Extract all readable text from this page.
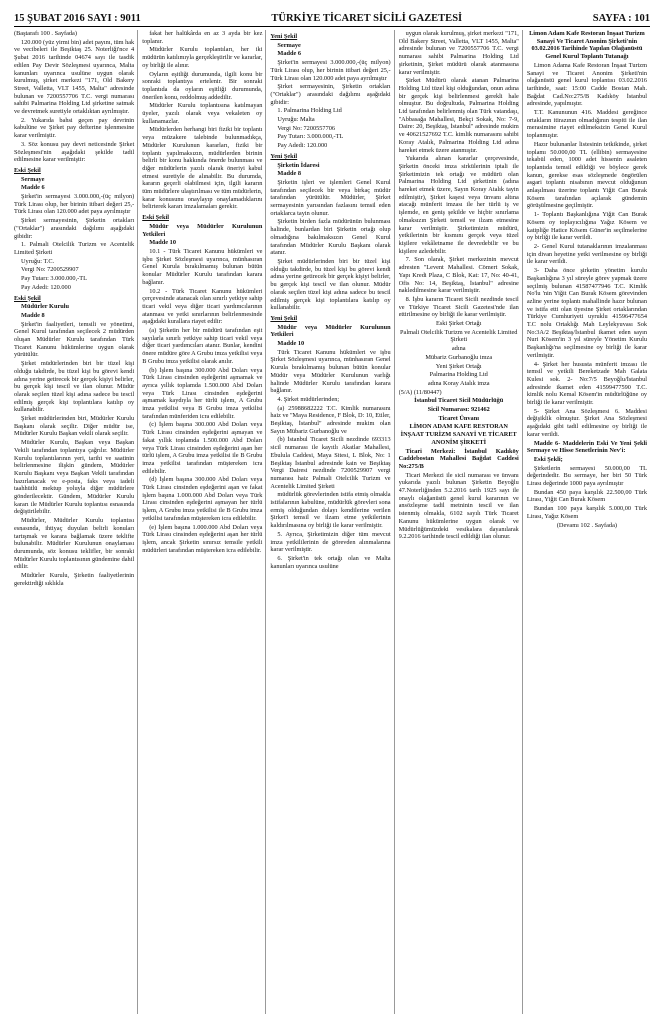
15 ŞUBAT 2016 SAYI : 9011	TÜRKİYE TİCARET SİCİLİ GAZETESİ	SAYFA : 101

(Baştarafı 100 . Sayfada)

120.000 (yüz yirmi bin) adet payını, tüm hak ve vecibeleri ile Beşiktaş 25. Noterliği'nce 4 Şubat 2016 tarihinde 04674 sayı ile tasdik edilen Pay Devir Sözleşmesi uyarınca, Malta kanunları uyarınca usulüne uygun olarak kurulmuş, şirket merkezi "171, Old Bakery Street, Valletta, VLT 1455, Malta" adresinde bulunan ve 7200557706 T.C. vergi numarası sahibi Palmarina Holding Ltd şirketine satmak ve devretmek suretiyle ortaklıktan ayrılmıştır.

2. Yukarıda bahsi geçen pay devrinin kabulüne ve Şirket pay defterine işlenmesine karar verilmiştir.

3. Söz konusu pay devri neticesinde Şirket Sözleşmesi'nin aşağıdaki şekilde tadil edilmesine karar verilmiştir:

Eski Şekil

Sermaye

Madde 6

Şirket'in sermayesi 3.000.000,-(üç milyon) Türk Lirası olup, her birinin itibari değeri 25,- Türk Lirası olan 120.000 adet paya ayrılmıştır

Şirket sermayesinin, Şirketin ortakları ("Ortaklar") arasındaki dağılımı aşağıdaki gibidir:

1. Palmali Otelcilik Turizm ve Acentelik Limited Şirketi

Uyruğu: T.C.

Vergi No: 7200529907

Pay Tutarı: 3.000.000,-TL

Pay Adedi: 120.000

Eski Şekil

Müdürler Kurulu

Madde 8

Şirket'in faaliyetleri, temsili ve yönetimi, Genel Kurul tarafından seçilecek 2 müdürden oluşan Müdürler Kurulu tarafından Türk Ticaret Kanunu hükümlerine uygun olarak yürütülür.

Şirket müdürlerinden biri bir tüzel kişi olduğu takdirde, bu tüzel kişi bu görevi kendi adına yerine getirecek bir gerçek kişiyi belirler, bu gerçek kişi tescil ve ilan olunur. Müdür olarak seçilen tüzel kişi adına sadece bu tescil edilmiş gerçek kişi toplantılara katılıp oy kullanabilir.

Şirket müdürlerinden biri, Müdürler Kurulu Başkanı olarak seçilir. Diğer müdür ise, Müdürler Kurulu Başkan vekili olarak seçilir.

Müdürler Kurulu, Başkan veya Başkan Vekili tarafından toplantıya çağrılır. Müdürler Kurulu toplantılarının yeri, tarihi ve saatinin belirlenmesine ilişkin gündem, Müdürler Kurulu Başkanı veya Başkan Vekili tarafından hazırlanacak ve e-posta, faks veya iadeli taahhütlü mektup yoluyla diğer müdürlere gönderilecektir. Gündem, Müdürler Kurulu kararı ile Müdürler Kurulu toplantısı esnasında değiştirilebilir.

Müdürler, Müdürler Kurulu toplantısı esnasında, ihtiyaç duyulan belirli konuları tartışmak ve karara bağlamak üzere teklifte bulunabilir. Müdürler Kurulunun onaylaması durumunda, söz konusu teklifler, bir sonraki Müdürler Kurulu toplantısının gündemine dahil edilir.

Müdürler Kurulu, Şirketin faaliyetlerinin gerektirdiği sıklıkla

fakat her halükârda en az 3 ayda bir kez toplanır.

Müdürler Kurulu toplantıları, her iki müdürün katılımıyla gerçekleştirilir ve kararlar, oy birliği ile alınır.

Oyların eşitliği durumunda, ilgili konu bir sonraki toplantıya ertelenir. Bir sonraki toplantıda da oyların eşitliği durumunda, önerilen konu, reddolmuş addedilir.

Müdürler Kurulu toplantısına katılmayan üyeler, yazılı olarak veya vekaleten oy kullanamazlar.

Müdürlerden herhangi biri fiziki bir toplantı veya müzakere talebinde bulunmadıkça, Müdürler Kurulunun kararları, fiziki bir toplantı yapılmaksızın, müdürlerden birinin belirli bir konu hakkında önerde bulunması ve diğer müdürlerin yazılı olarak öneriyi kabul etmesi suretiyle de alınabilir. Bu durumda, kararın geçerli olabilmesi için, ilgili kararın tüm müdürlere ulaştırılması ve tüm müdürlerin, karar konusunu onaylayıp onaylamadıklarını belirterek kararı imzalamaları gerekir.

Eski Şekil

Müdür veya Müdürler Kurulunun Yetkileri

Madde 10

10.1 - Türk Ticaret Kanunu hükümleri ve işbu Şirket Sözleşmesi uyarınca, münhasıran Genel Kurula bırakılmamış bulunan bütün konular Müdürler Kurulu tarafından karara bağlanır.

10.2 - Türk Ticaret Kanunu hükümleri çerçevesinde atanacak olan sınırlı yetkiye sahip ticari vekil veya diğer ticari yardımcılarının atanması ve yetki sınırlarının belirlenmesinde aşağıdaki kurallara riayet edilir:

(a) Şirketin her bir müdürü tarafından eşit sayılarla sınırlı yetkiye sahip ticari vekil veya diğer ticari yardımcıları atanır. Bunlar, kendini önere müdüre göre A Grubu imza yetkilisi veya B Grubu imza yetkilisi olarak anılır.

(b) İşlem başına 300.000 Abd Doları veya Türk Lirası cinsinden eşdeğerini aşmamak ve ayrıca yıllık toplamda 1.500.000 Abd Doları veya Türk Lirası cinsinden eşdeğerini aşmamak kaydıyla her türlü işlem, A Grubu imza yetkilisi veya B Grubu imza yetkilisi tarafından münferiden icra edilebilir.

(c) İşlem başına 300.000 Abd Doları veya Türk Lirası cinsinden eşdeğerini aşmayan ve fakat yıllık toplamda 1.500.000 Abd Doları veya Türk Lirası cinsinden eşdeğerini aşan her türlü işlem, A Grubu imza yetkilisi ile B Grubu imza yetkilisi tarafından müştereken icra edilebilir.

(d) İşlem başına 300.000 Abd Doları veya Türk Lirası cinsinden eşdeğerini aşan ve fakat işlem başına 1.000.000 Abd Doları veya Türk Lirası cinsinden eşdeğerini aşmayan her türlü işlem, A Grubu imza yetkilisi ile B Grubu imza yetkilisi tarafından müştereken icra edilebilir.

(e) İşlem başına 1.000.000 Abd Doları veya Türk Lirası cinsinden eşdeğerini aşan her türlü işlem, ancak Şirketin sınırsız temsile yetkili müdürleri tarafından müştereken icra edilebilir.

Yeni Şekil

Sermaye

Madde 6

Şirket'in sermayesi 3.000.000,-(üç milyon) Türk Lirası olup, her birinin itibari değeri 25,- Türk Lirası olan 120.000 adet paya ayrılmıştır

Şirket sermayesinin, Şirketin ortakları ("Ortaklar") arasındaki dağılımı aşağıdaki gibidir:

1. Palmarina Holding Ltd

Uyruğu: Malta

Vergi No: 7200557706

Pay Tutarı: 3.000.000,-TL

Pay Adedi: 120.000

Yeni Şekil

Şirketin İdaresi

Madde 8

Şirketin işleri ve işlemleri Genel Kurul tarafından seçilecek bir veya birkaç müdür tarafından yürütülür. Müdürler, Şirket sermayesinin yarısından fazlasını temsil eden ortaklarca tayin olunur.

Şirketin birden fazla müdürünün bulunması halinde, bunlardan biri Şirketin ortağı olup olmadığına bakılmaksızın Genel Kurul tarafından Müdürler Kurulu Başkanı olarak atanır.

Şirket müdürlerinden biri bir tüzel kişi olduğu takdirde, bu tüzel kişi bu görevi kendi adına yerine getirecek bir gerçek kişiyi belirler, bu gerçek kişi tescil ve ilan olunur. Müdür olarak seçilen tüzel kişi adına sadece bu tescil edilmiş gerçek kişi toplantılara katılıp oy kullanabilir.

Yeni Şekil

Müdür veya Müdürler Kurulunun Yetkileri

Madde 10

Türk Ticaret Kanunu hükümleri ve işbu Şirket Sözleşmesi uyarınca, münhasıran Genel Kurula bırakılmamış bulunan bütün konular Müdür veya Müdürler Kurulunun varlığı halinde Müdürler Kurulu tarafından karara bağlanır.

4. Şirket müdürlerinden;

(a) 25988682222 T.C. Kimlik numarasını haiz ve "Maya Residence, F Blok, D: 10, Etiler, Beşiktaş, İstanbul" adresinde mukim olan Sayın Mübariz Gurbanoğlu ve

(b) İstanbul Ticaret Sicili nezdinde 693313 sicil numarası ile kayıtlı Akatlar Mahallesi, Ebulula Caddesi, Maya Sitesi, L Blok, No: 1 Beşiktaş İstanbul adresinde kain ve Beşiktaş Vergi Dairesi nezdinde 7200529907 vergi numarası haiz Palmali Otelcilik Turizm ve Acentelik Limited Şirketi

müdürlük görevlerinden istifa etmiş olmakla istifalarının kabulüne, müdürlük görevleri sona ermiş olduğundan dolayı kendilerine verilen Şirket'i temsil ve ilzam etme yetkilerinin kaldırılmasına oy birliği ile karar verilmiştir.

5. Ayrıca, Şirketimizin diğer tüm mevcut imza yetkililerinin de görevden alınmalarına karar verilmiştir.

6. Şirket'in tek ortağı olan ve Malta kanunları uyarınca usulüne

uygun olarak kurulmuş, şirket merkezi "171, Old Bakery Street, Valletta, VLT 1455, Malta" adresinde bulunan ve 7200557706 T.C. vergi numarası sahibi Palmarina Holding Ltd şirketinin, Şirket müdürü olarak atanmasına karar verilmiştir.

Şirket Müdürü olarak atanan Palmarina Holding Ltd tüzel kişi olduğundan, onun adına bir gerçek kişi belirlenmesi gerekli hale olmuştur. Bu doğrultuda, Palmarina Holding Ltd tarafından belirlenmiş olan Türk vatandaşı, "Abbasağa Mahallesi, Bekçi Sokak, No: 7-9, Daire: 20, Beşiktaş, İstanbul" adresinde mukim ve 40621527692 T.C. kimlik numarasını sahibi Koray Atalık, Palmarina Holding Ltd adına hareket etmek üzere atanmıştır.

Yukarıda alınan kararlar çerçevesinde, Şirketin önceki imza sirkülerinin iptali ile Şirketimizin tek ortağı ve müdürü olan Palmarina Holding Ltd şirketinin (adına hareket etmek üzere, Sayın Koray Atalık tayin edilmiştir), Şirket kaşesi veya ünvanı altına atacağı münferit imzası ile her türlü iş ve işlemde, en geniş şekilde ve hiçbir sınırlama olmaksızın Şirketi temsil ve ilzam etmesine karar verilmiştir. Şirketimizin müdürü, yetkilerinin bir kısmını gerçek veya tüzel kişilere vekâletname ile devredebilir ve bu kişilere azledebilir.

7. Son olarak, Şirket merkezinin mevcut adresten "Levent Mahallesi. Cömert Sokak, Yapı Kredi Plaza, C Blok, Kat: 17, No: 40-41, Ofis No: 14, Beşiktaş, İstanbul" adresine nakledilmesine karar verilmiştir.

8. İşbu kararın Ticaret Sicili nezdinde tescil ve Türkiye Ticaret Sicili Gazetesi'nde ilan ettirilmesine oy birliği ile karar verilmiştir.

Eski Şirket Ortağı

Palmali Otelcilik Turizm ve Acentelik Limited Şirketi

adına

Mübariz Gurbanoğlu imza

Yeni Şirket Ortağı

Palmarina Holding Ltd

adına Koray Atalık imza

(5/A) (11/80447)

İstanbul Ticaret Sicil Müdürlüğü

Sicil Numarası: 921462

Ticaret Ünvanı

LİMON ADAM KAFE RESTORAN İNŞAAT TURİZM SANAYİ VE TİCARET ANONİM ŞİRKETİ

Ticari Merkezi: İstanbul Kadıköy Caddebostan Mahallesi Bağdat Caddesi No:275/B

Ticari Merkezi ile sicil numarası ve ünvanı yukarıda yazılı bulunan Şirketin Beyoğlu 47.Noterliğinden 5.2.2016 tarih 1925 sayı ile onaylı olağanüstü genel kurul kararının ve ansözleşme tadil metninin tescil ve ilan istenmiş olmakla, 6102 sayılı Türk Ticaret Kanunu hükümlerine uygun olarak ve Müdürlüğümüzdeki vesikalara dayanılarak 9.2.2016 tarihinde tescil edildiği ilan olunur.

Limon Adam Kafe Restoran İnşaat Turizm Sanayi Ve Ticaret Anonim Şirketi'nin 03.02.2016 Tarihinde Yapılan Olağanüstü Genel Kurul Toplantı Tutanağı

Limon Adama Kafe Restoran İnşaat Turizm Sanayi ve Ticaret Anonim Şirketi'nin olağanüstü genel kurul toplantısı 03.02.2016 tarihinde, saat: 15:00 Cadde Bostan Mah. Bağdat Cad.No:275/B Kadıköy İstanbul adresinde, yapılmıştır.

T.T. Kanununun 416. Maddesi gereğince ortakların itirazının olmadığının tespiti ile ilan merasimine riayet edilmeksizin Genel Kurul toplanmıştır.

Hazır bulunanlar listesinin tetkikinde, şirket toplamı 50.000,00 TL (ellibin) sermayesine tekabül eden, 1000 adet hissenin asaleten toplantıda temsil edildiği ve böylece gerek kanun, gerekse esas sözleşmede öngörülen asgari toplantı nisabının mevcut olduğunun anlaşılması üzerine toplantı Yiğit Can Burak Kösem tarafından açılarak gündemin görüşülmesine geçilmiştir.

1- Toplantı Başkanlığına Yiğit Can Burak Kösem oy toplayıcılığına Yağız Kösem ve katipliğe Hatice Kösem Güner'in seçilmelerine oy birliği ile karar verildi.

2- Genel Kurul tutanaklarının imzalanması için divan heyetine yetki verilmesine oy birliği ile karar verildi.

3- Daha önce şirketin yönetim kurulu Başkanlığına 3 yıl süreyle görev yapmak üzere seçilmiş bulunan 41587477946 T.C. Kimlik No'lu 'nin Yiğit Can Burak Kösem görevinden azline yerine toplantı mahallinde hazır bulunan ve istifa etti olan üyesine Şirket ortaklarından Türkiye Cumhuriyeti uyruklu 41596477654 T.C nolu Ortaklığı Mah Leylekyuvası Sok No:3A/2 Beşiktaş/İstanbul ikamet eden sayın Nuri Kösem'in 3 yıl süreyle Yönetim Kurulu Başkanlığı'na seçilmesine oy birliği ile karar verilmiştir.

4- Şirket her hususta münferit imzası ile temsil ve yetkili Bereketzade Mah Galata Kulesi sok. 2- No:7/5 Beyoğlu/İstanbul adresinde ikamet eden 41599477590 T.C. kimlik nolu Kemal Kösem'in müdürlüğüne oy birliği ile karar verilmiştir.

5- Şirket Ana Sözleşmesi 6. Maddesi değişiklik olmuştur. Şirket Ana Sözleşmesi aşağıdaki gibi tadil edilmesine oy birliği ile karar verildi.

Madde 6- Maddelerin Eski Ve Yeni Şekli Sermaye ve Hisse Senetlerinin Nev'i:

Eski Şekli;

Şirketlerin sermayesi 50.000,00 TL değerindedir. Bu sermaye, her biri 50 Türk Lirası değerinde 1000 paya ayrılmıştır

Bundan 450 paya karşılık 22.500,00 Türk Lirası, Yiğit Can Burak Kösem

Bundan 100 paya karşılık 5.000,00 Türk Lirası, Yağız Kösem

(Devamı 102 . Sayfada)
